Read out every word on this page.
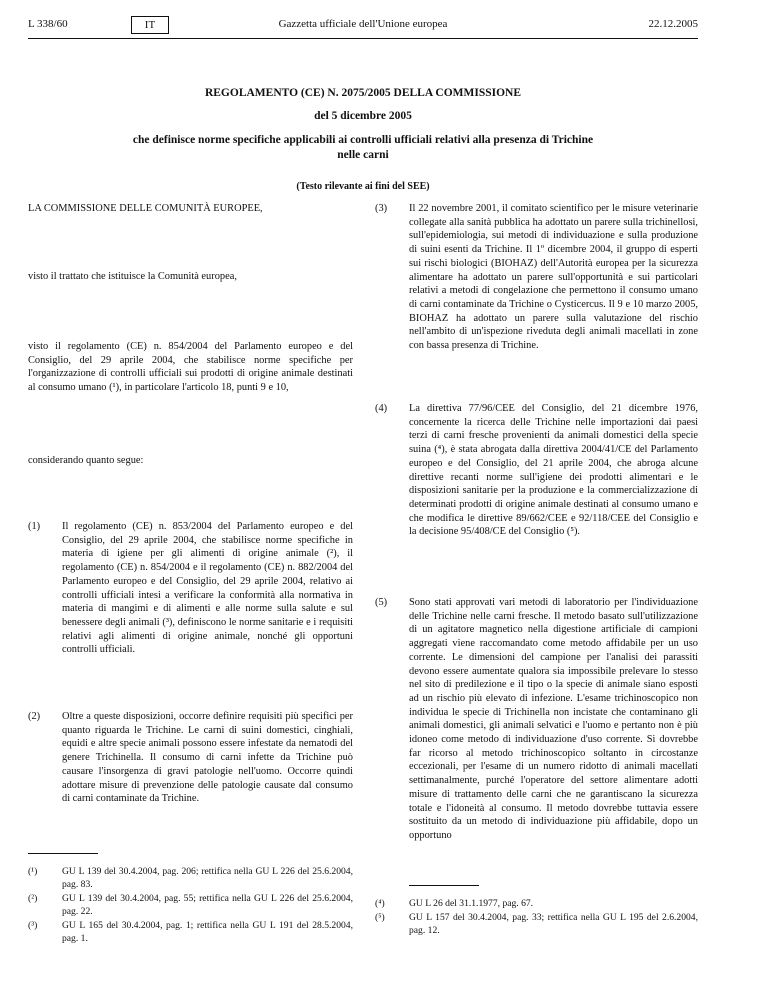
L 338/60	IT	Gazzetta ufficiale dell'Unione europea	22.12.2005
REGOLAMENTO (CE) N. 2075/2005 DELLA COMMISSIONE
del 5 dicembre 2005
che definisce norme specifiche applicabili ai controlli ufficiali relativi alla presenza di Trichine
nelle carni
(Testo rilevante ai fini del SEE)
LA COMMISSIONE DELLE COMUNITÀ EUROPEE,
visto il trattato che istituisce la Comunità europea,
visto il regolamento (CE) n. 854/2004 del Parlamento europeo e del Consiglio, del 29 aprile 2004, che stabilisce norme specifiche per l'organizzazione di controlli ufficiali sui prodotti di origine animale destinati al consumo umano (¹), in particolare l'articolo 18, punti 9 e 10,
considerando quanto segue:
(1)	Il regolamento (CE) n. 853/2004 del Parlamento europeo e del Consiglio, del 29 aprile 2004, che stabilisce norme specifiche in materia di igiene per gli alimenti di origine animale (²), il regolamento (CE) n. 854/2004 e il regolamento (CE) n. 882/2004 del Parlamento europeo e del Consiglio, del 29 aprile 2004, relativo ai controlli ufficiali intesi a verificare la conformità alla normativa in materia di mangimi e di alimenti e alle norme sulla salute e sul benessere degli animali (³), definiscono le norme sanitarie e i requisiti relativi agli alimenti di origine animale, nonché gli opportuni controlli ufficiali.
(2)	Oltre a queste disposizioni, occorre definire requisiti più specifici per quanto riguarda le Trichine. Le carni di suini domestici, cinghiali, equidi e altre specie animali possono essere infestate da nematodi del genere Trichinella. Il consumo di carni infette da Trichine può causare l'insorgenza di gravi patologie nell'uomo. Occorre quindi adottare misure di prevenzione delle patologie causate dal consumo di carni contaminate da Trichine.
(¹)	GU L 139 del 30.4.2004, pag. 206; rettifica nella GU L 226 del 25.6.2004, pag. 83.
(²)	GU L 139 del 30.4.2004, pag. 55; rettifica nella GU L 226 del 25.6.2004, pag. 22.
(³)	GU L 165 del 30.4.2004, pag. 1; rettifica nella GU L 191 del 28.5.2004, pag. 1.
(3)	Il 22 novembre 2001, il comitato scientifico per le misure veterinarie collegate alla sanità pubblica ha adottato un parere sulla trichinellosi, sull'epidemiologia, sui metodi di individuazione e sulla produzione di suini esenti da Trichine. Il 1º dicembre 2004, il gruppo di esperti sui rischi biologici (BIOHAZ) dell'Autorità europea per la sicurezza alimentare ha adottato un parere sull'opportunità e sui particolari relativi a metodi di congelazione che permettono il consumo umano di carni contaminate da Trichine o Cysticercus. Il 9 e 10 marzo 2005, BIOHAZ ha adottato un parere sulla valutazione del rischio nell'ambito di un'ispezione riveduta degli animali macellati in zone con bassa presenza di Trichine.
(4)	La direttiva 77/96/CEE del Consiglio, del 21 dicembre 1976, concernente la ricerca delle Trichine nelle importazioni dai paesi terzi di carni fresche provenienti da animali domestici della specie suina (⁴), è stata abrogata dalla direttiva 2004/41/CE del Parlamento europeo e del Consiglio, del 21 aprile 2004, che abroga alcune direttive recanti norme sull'igiene dei prodotti alimentari e le disposizioni sanitarie per la produzione e la commercializzazione di determinati prodotti di origine animale destinati al consumo umano e che modifica le direttive 89/662/CEE e 92/118/CEE del Consiglio e la decisione 95/408/CE del Consiglio (⁵).
(5)	Sono stati approvati vari metodi di laboratorio per l'individuazione delle Trichine nelle carni fresche. Il metodo basato sull'utilizzazione di un agitatore magnetico nella digestione artificiale di campioni aggregati viene raccomandato come metodo affidabile per un uso corrente. Le dimensioni del campione per l'analisi dei parassiti devono essere aumentate qualora sia impossibile prelevare lo stesso nel sito di predilezione e il tipo o la specie di animale siano esposti ad un rischio più elevato di infezione. L'esame trichinoscopico non individua le specie di Trichinella non incistate che contaminano gli animali domestici, gli animali selvatici e l'uomo e pertanto non è più idoneo come metodo di individuazione d'uso corrente. Si dovrebbe far ricorso al metodo trichinoscopico soltanto in circostanze eccezionali, per l'esame di un numero ridotto di animali macellati settimanalmente, purché l'operatore del settore alimentare adotti misure di trattamento delle carni che ne garantiscano la sicurezza totale e l'idoneità al consumo. Il metodo dovrebbe tuttavia essere sostituito da un metodo di individuazione più affidabile, dopo un opportuno
(⁴)	GU L 26 del 31.1.1977, pag. 67.
(⁵)	GU L 157 del 30.4.2004, pag. 33; rettifica nella GU L 195 del 2.6.2004, pag. 12.
